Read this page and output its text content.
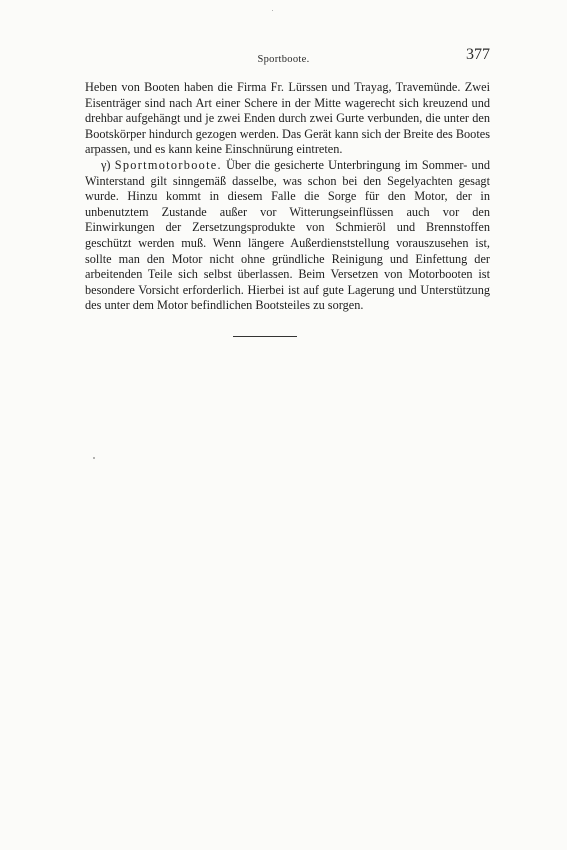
Sportboote.	377

Heben von Booten haben die Firma Fr. Lürssen und Trayag, Travemünde. Zwei Eisenträger sind nach Art einer Schere in der Mitte wagerecht sich kreuzend und drehbar aufgehängt und je zwei Enden durch zwei Gurte verbunden, die unter den Bootskörper hindurch gezogen werden. Das Gerät kann sich der Breite des Bootes arpassen, und es kann keine Einschnürung eintreten.

γ) Sportmotorboote. Über die gesicherte Unterbringung im Sommer- und Winterstand gilt sinngemäß dasselbe, was schon bei den Segelyachten gesagt wurde. Hinzu kommt in diesem Falle die Sorge für den Motor, der in unbenutztem Zustande außer vor Witterungseinflüssen auch vor den Einwirkungen der Zersetzungsprodukte von Schmieröl und Brennstoffen geschützt werden muß. Wenn längere Außerdienststellung vorauszusehen ist, sollte man den Motor nicht ohne gründliche Reinigung und Einfettung der arbeitenden Teile sich selbst überlassen. Beim Versetzen von Motorbooten ist besondere Vorsicht erforderlich. Hierbei ist auf gute Lagerung und Unterstützung des unter dem Motor befindlichen Bootsteiles zu sorgen.
